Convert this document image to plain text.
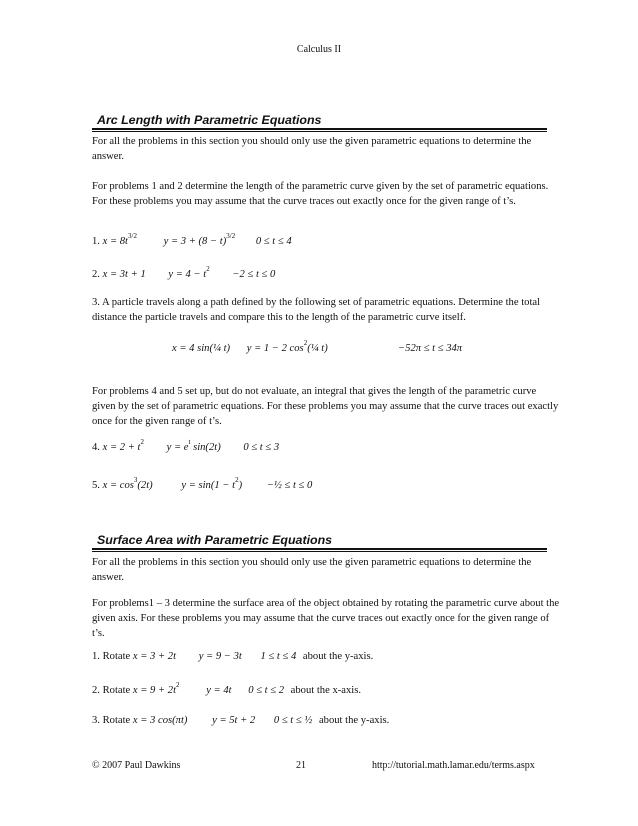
Calculus II
Arc Length with Parametric Equations
For all the problems in this section you should only use the given parametric equations to determine the answer.
For problems 1 and 2 determine the length of the parametric curve given by the set of parametric equations. For these problems you may assume that the curve traces out exactly once for the given range of t’s.
1. $x = 8t^{3/2}$	$y = 3 + (8 - t)^{3/2}$ 0 ≤ t ≤ 4
2. x = 3t + 1 $y = 4 - t^2 -2 \le t \le 0$
3. A particle travels along a path defined by the following set of parametric equations. Determine the total distance the particle travels and compare this to the length of the parametric curve itself.
x = 4 sin(¼ t) y = 1 − 2 $\cos^2(\frac{1}{4}$ t)	−52π ≤ t ≤ 34π
For problems 4 and 5 set up, but do not evaluate, an integral that gives the length of the parametric curve given by the set of parametric equations. For these problems you may assume that the curve traces out exactly once for the given range of t’s.
4. $x = 2 + t^2$ $y = e^t$ sin(2t) 0 ≤ t ≤ 3
5. $x = \cos^3(2t)$	$y = \sin(1 - t^2)$ −½ ≤ t ≤ 0
Surface Area with Parametric Equations
For all the problems in this section you should only use the given parametric equations to determine the answer.
For problems1 – 3 determine the surface area of the object obtained by rotating the parametric curve about the given axis. For these problems you may assume that the curve traces out exactly once for the given range of t’s.
1. Rotate x = 3 + 2t y = 9 − 3t 1 ≤ t ≤ 4 about the y-axis.
2. Rotate $x = 9 + 2t^2$	y = 4t 0 ≤ t ≤ 2 about the x-axis.
3. Rotate x = 3 cos(πt) y = 5t + 2 0 ≤ t ≤ ½ about the y-axis.
© 2007 Paul Dawkins	21	http://tutorial.math.lamar.edu/terms.aspx
